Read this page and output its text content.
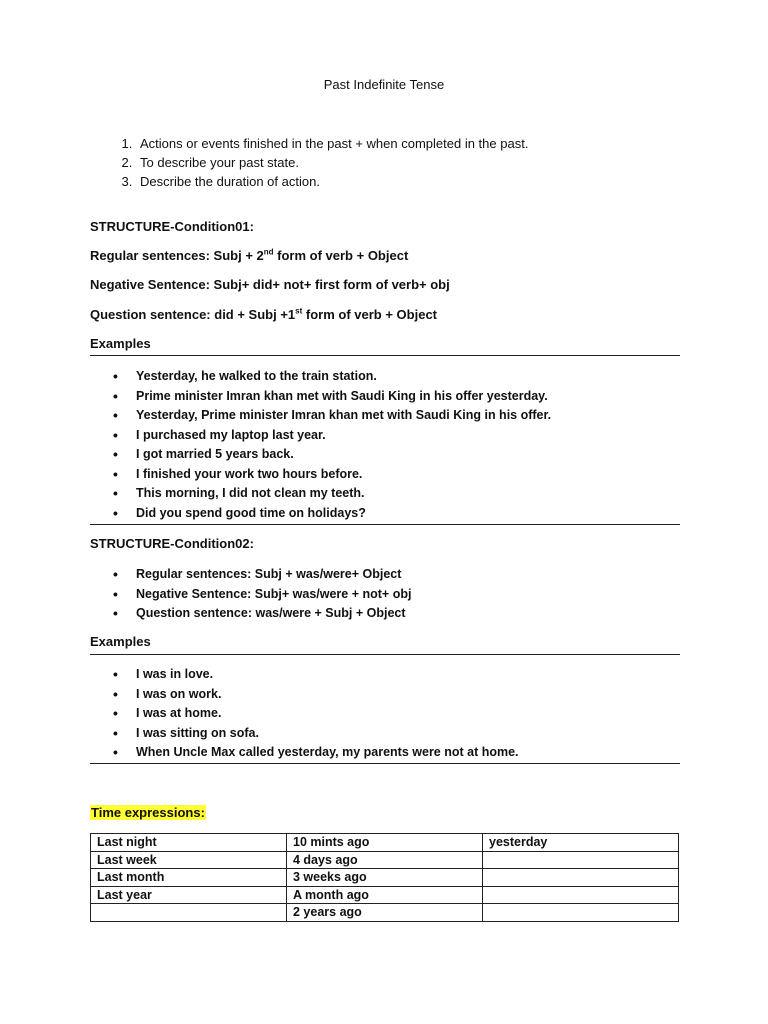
Past Indefinite Tense
1. Actions or events finished in the past + when completed in the past.
2. To describe your past state.
3. Describe the duration of action.
STRUCTURE-Condition01:
Regular sentences: Subj + 2nd form of verb + Object
Negative Sentence: Subj+ did+ not+ first form of verb+ obj
Question sentence: did + Subj +1st form of verb + Object
Examples
• Yesterday, he walked to the train station.
• Prime minister Imran khan met with Saudi King in his offer yesterday.
• Yesterday, Prime minister Imran khan met with Saudi King in his offer.
• I purchased my laptop last year.
• I got married 5 years back.
• I finished your work two hours before.
• This morning, I did not clean my teeth.
• Did you spend good time on holidays?
STRUCTURE-Condition02:
• Regular sentences: Subj + was/were+ Object
• Negative Sentence: Subj+ was/were + not+ obj
• Question sentence: was/were + Subj + Object
Examples
• I was in love.
• I was on work.
• I was at home.
• I was sitting on sofa.
• When Uncle Max called yesterday, my parents were not at home.
Time expressions:
Last night	10 mints ago	yesterday
Last week	4 days ago	
Last month	3 weeks ago	
Last year	A month ago	
	2 years ago	
